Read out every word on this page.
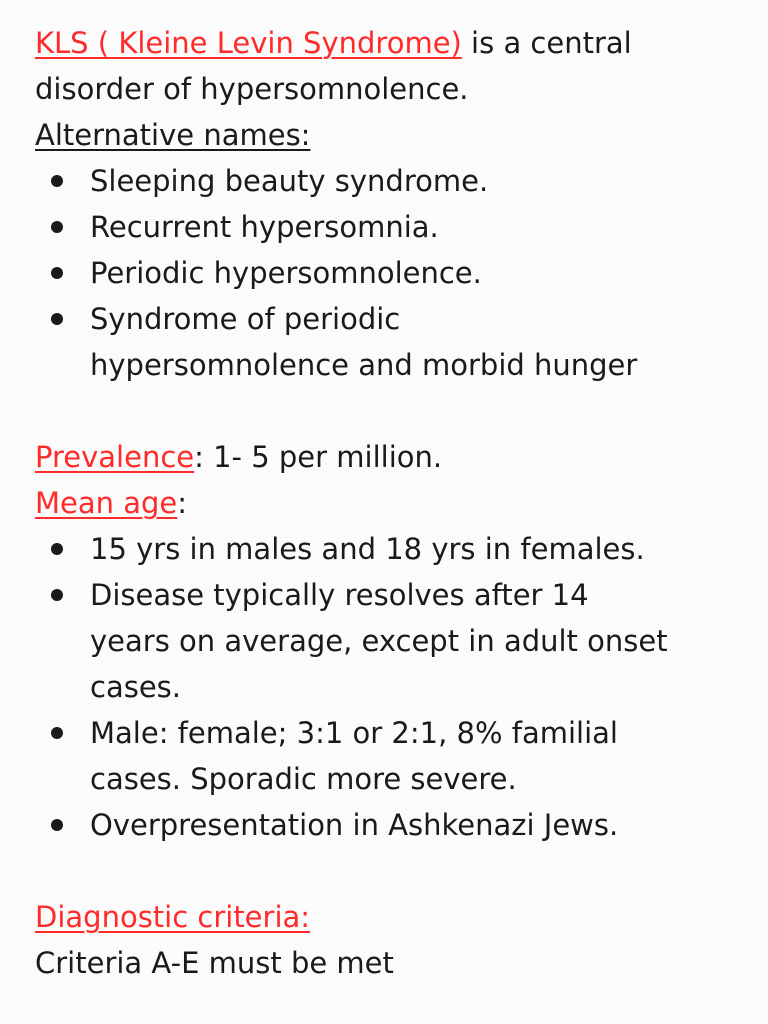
KLS ( Kleine Levin Syndrome) is a central
disorder of hypersomnolence.
Alternative names:
Sleeping beauty syndrome.
Recurrent hypersomnia.
Periodic hypersomnolence.
Syndrome of periodic
hypersomnolence and morbid hunger
Prevalence: 1- 5 per million.
Mean age:
15 yrs in males and 18 yrs in females.
Disease typically resolves after 14
years on average, except in adult onset
cases.
Male: female; 3:1 or 2:1, 8% familial
cases. Sporadic more severe.
Overpresentation in Ashkenazi Jews.
Diagnostic criteria:
Criteria A-E must be met
